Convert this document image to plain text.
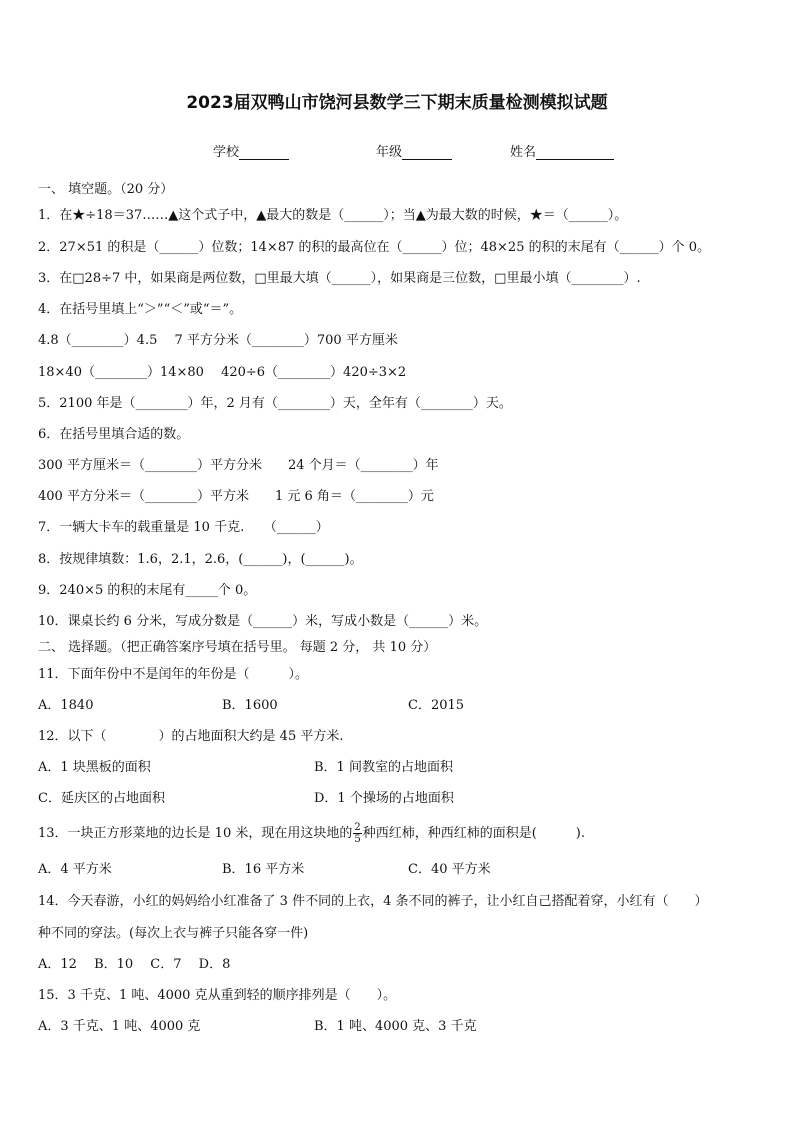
2023届双鸭山市饶河县数学三下期末质量检测模拟试题
学校	年级	姓名
一、 填空题。（20 分）
1．在★÷18＝37……▲这个式子中，▲最大的数是（______）；当▲为最大数的时候，★＝（______）。
2．27×51 的积是（______）位数；14×87 的积的最高位在（______）位；48×25 的积的末尾有（______）个 0。
3．在□28÷7 中，如果商是两位数，□里最大填（______），如果商是三位数，□里最小填（________）.
4．在括号里填上“＞”“＜”或“＝”。
4.8（________）4.5　 7 平方分米（________）700 平方厘米
18×40（________）14×80　 420÷6（________）420÷3×2
5．2100 年是（________）年，2 月有（________）天，全年有（________）天。
6．在括号里填合适的数。
300 平方厘米＝（________）平方分米　　24 个月＝（________）年
400 平方分米＝（________）平方米　　1 元 6 角＝（________）元
7．一辆大卡车的载重量是 10 千克.　　（______）
8．按规律填数：1.6，2.1，2.6，(______)，(______)。
9．240×5 的积的末尾有_____个 0。
10．课桌长约 6 分米，写成分数是（______）米，写成小数是（______）米。
二、 选择题。（把正确答案序号填在括号里。 每题 2 分， 共 10 分）
11．下面年份中不是闰年的年份是（　　　）。
A．1840	B．1600	C．2015
12．以下（　　　　）的占地面积大约是 45 平方米.
A．1 块黑板的面积	B．1 间教室的占地面积
C．延庆区的占地面积	D．1 个操场的占地面积
13．一块正方形菜地的边长是 10 米，现在用这块地的 $\frac{2}{5}$ 种西红柿，种西红柿的面积是(　　　).
A．4 平方米	B．16 平方米	C．40 平方米
14．今天春游，小红的妈妈给小红准备了 3 件不同的上衣，4 条不同的裤子，让小红自己搭配着穿，小红有（　　）
种不同的穿法。(每次上衣与裤子只能各穿一件)
A．12　 B．10　 C．7　 D．8
15．3 千克、1 吨、4000 克从重到轻的顺序排列是（　　）。
A．3 千克、1 吨、4000 克	B．1 吨、4000 克、3 千克
